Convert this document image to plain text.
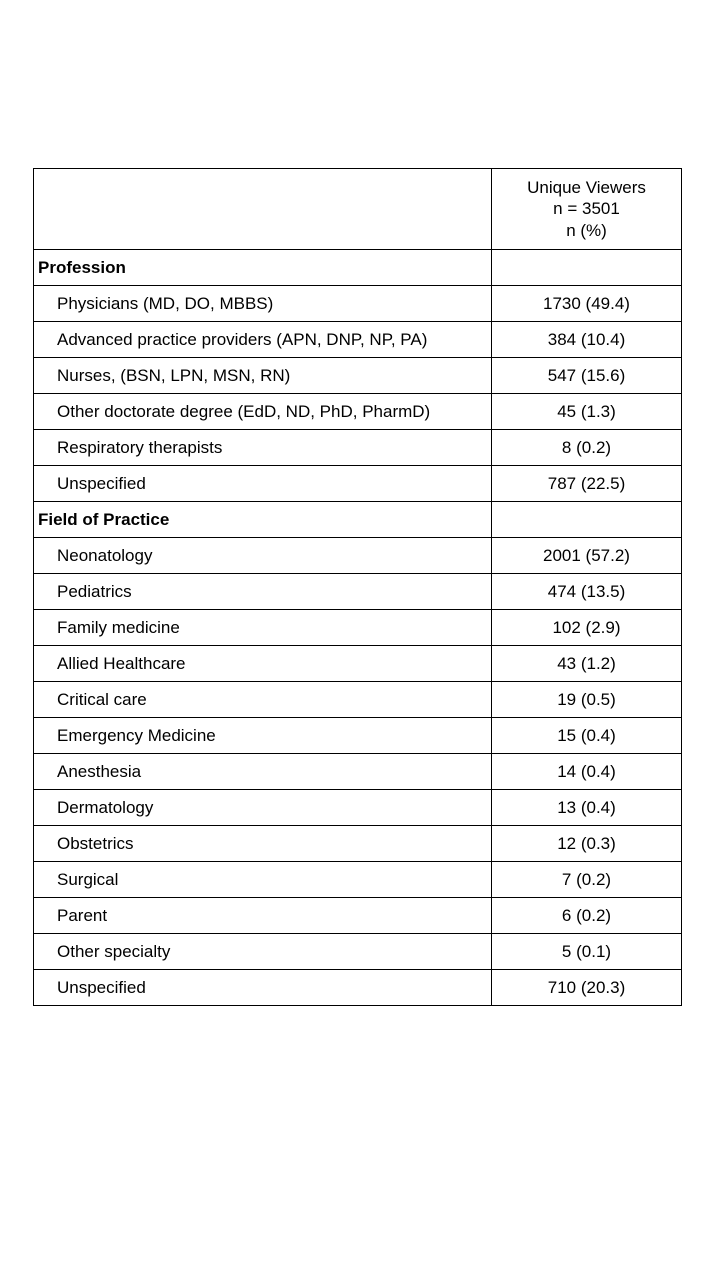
	Unique Viewers
n = 3501
n (%)

Profession	
Physicians (MD, DO, MBBS)	1730 (49.4)
Advanced practice providers (APN, DNP, NP, PA)	384 (10.4)
Nurses, (BSN, LPN, MSN, RN)	547 (15.6)
Other doctorate degree (EdD, ND, PhD, PharmD)	45 (1.3)
Respiratory therapists	8 (0.2)
Unspecified	787 (22.5)
Field of Practice	
Neonatology	2001 (57.2)
Pediatrics	474 (13.5)
Family medicine	102 (2.9)
Allied Healthcare	43 (1.2)
Critical care	19 (0.5)
Emergency Medicine	15 (0.4)
Anesthesia	14 (0.4)
Dermatology	13 (0.4)
Obstetrics	12 (0.3)
Surgical	7 (0.2)
Parent	6 (0.2)
Other specialty	5 (0.1)
Unspecified	710 (20.3)
